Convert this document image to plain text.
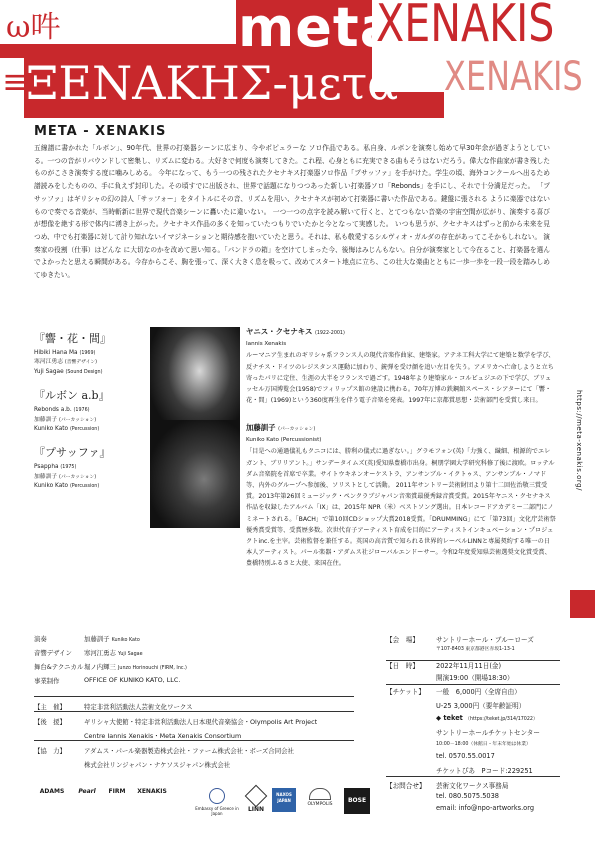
ω吽
≡
meta-
XENAKIS
XENAKIS
ΞΕΝΑΚΗΣ-μετά
META - XENAKIS

五線譜に書かれた「ルボン」、90年代、世界の打楽器シーンに広まり、今やポピュラーな ソロ作品である。私自身、ルボンを演奏し始めて早30年余が過ぎようとしている。一つの音がリバウンドして密集し、リズムに変わる。大好きで何度も演奏してきた。これ程、心身ともに充実できる曲もそうはないだろう。偉大な作曲家が書き残したものがこさき演奏する度に噛みしめる。 今年になって、もう一つの残されたクセナキス打楽器ソロ作品「プサッファ」を手がけた。学生の頃、海外コンクールへ出るため譜読みをしたものの、手に負えず封印した。その頃すでに出版され、世界で話題になりつつあった新しい打楽器ソロ「Rebonds」を手にし、それで十分満足だった。 「プサッファ」はギリシャの幻の詩人「サッフォー」をタイトルにその音、リズムを用い、クセナキスが初めて打楽器に書いた作品である。鍵盤に張される ように楽器ではないもので奏でる音楽が、当時斬新に世界で現代音楽シーンに轟いたに違いない。 一つ一つの点字を読み解いて行くと、とてつもない音楽の宇宙空間が広がり、演奏する喜びが想像を絶する形で体内に湧き上がった。クセナキス作品の多くを知っていたつもりでいたかと今となって実感した。 いつも思うが、クセナキスはずっと前から未来を見つめ、中でも打楽器に対して計り知れないイマジネーションと期待感を抱いていたと思う。それは、私も敬愛するシルヴィオ・ガルダの存在があってこそかもしれない。 演奏家の役割（仕事）はどんな に大切なのかを改めて思い知る。「パンドラの箱」を空けてしまった今、後悔はみじんもない。自分が演奏家として今在ること、打楽器を選んでよかったと思える瞬間がある。今存からこそ、胸を張って、深く大きく息を吸って、改めてスタート地点に立ち、この壮大な楽曲とともに一歩一歩を一段一段を踏みしめてゆきたい。

『響・花・間』
Hibiki Hana Ma (1969)
寒河江勇志 (音響デザイン)
Yuji Sagae (Sound Design)
『ルボン a.b』
Rebonds a.b. (1976)
加藤訓子 (パーカッション)
Kuniko Kato (Percussion)
『プサッファ』
Psappha (1975)
加藤訓子 (パーカッション)
Kuniko Kato (Percussion)
ヤニス・クセナキス (1922-2001)
Iannis Xenakis
ルーマニア生まれのギリシャ系フランス人の現代音楽作曲家、建築家。アテネ工科大学にて建築と数学を学び、反ナチス・ドイツのレジスタンス運動に加わり、銃弾を受け顔を追い左目を失う。アメリカへ亡命しようと立ち寄ったパリに定住、生涯の大半をフランスで過ごす。1948年より建築家ル・コルビュジエの下で学び、ブリュッセル万国博覧会(1958)でフィリップス館の建設に携わる。70年万博の鉄鋼館スペース・シアターにて「響・花・間」(1969)という360度再生を伴う電子音楽を発表。1997年に京都賞思想・芸術部門を受賞し来日。
加藤訓子 (パーカッション)
Kuniko Kato (Percussionist)
「目是への通過儀礼もクニコには、勝利の儀式に過ぎない。」グラモフォン(英)「力強く、繊細、根源的でエレガント、ブリリアント。」サンデータイムズ(英)愛知県豊橋市出身。桐朋学園大学研究科修了後に渡欧。ロッテルダム音楽院を首席で卒業。サイトウキネンオーケストラ、アンサンブル・イクトゥス、アンサンブル・ノマド等、内外のグループへ参加後、ソリストとして活動。 2011年サントリー芸術財団より第十二回佐治敬三賞受賞。2013年第26回ミュージック・ペンクラブジャパン音楽賞最優秀録音賞受賞。2015年ヤニス・クセナキス作品を収録したアルバム「IX」は、2015年 NPR（米）ベストソング選出。日本レコードアカデミー二部門にノミネートされる。「BACH」で第10回CDショップ大賞2018受賞。「DRUMMING」にて「第73回」文化庁芸術祭優秀賞受賞等、受賞歴多数。次世代育子アーティスト育成を目的にアーティストインキュベーション・プロジェクトinc.を主宰。芸術監督を兼任する。英国の高音質で知られる世界的レーベルLINNと専属契約する唯一の日本人アーティスト。パール楽器・アダムス社ジローバルエンドーサー。令和2年度愛知県芸術選奨文化賞受賞、豊橋特別ふるさと大使、来国在住。
https://meta-xenakis.org/
演奏	加藤訓子 Kuniko Kato
音響デザイン 寒河江勇志 Yuji Sagae
舞台&テクニカル 堀ノ内輝三 Junzo Horinouchi (FIRM, Inc.)
事業制作	OFFICE OF KUNIKO KATO, LLC.
【主　催】	特定非営利活動法人芸術文化ワークス
【後　援】	ギリシャ大使館・特定非営利活動法人日本現代音楽協会・Olympolis Art Project
Centre Iannis Xenakis・Meta Xenakis Consortium
【協　力】	アダムス・パール楽器製造株式会社・ファーム株式会社・ボーズ合同会社
株式会社リンジャパン・ナケソスジャパン株式会社
【会　場】	サントリーホール・ブルーローズ
〒107-8403 東京都港区赤坂1-13-1
【日　時】	2022年11月11日(金)
開演19:00（開場18:30）
【チケット】 一般　6,000円（全席自由）
U-25 3,000円（要年齢証明）
◆ teket （https://teket.jp/314/17022）
サントリーホールチケットセンター
10:00－18:00（休館日・年末年始は休業）
tel. 0570.55.0017
チケットぴあ　Pコード:229251
【お問合せ】 芸術文化ワークス事務局
tel. 080.5075.5038
email: info@npo-artworks.org
ADAMS	Pearl	FIRM	XENAKIS
Embassy of Greece in Japan
LINN
NAXOS JAPAN
OLYMPOLIS
BOSE
